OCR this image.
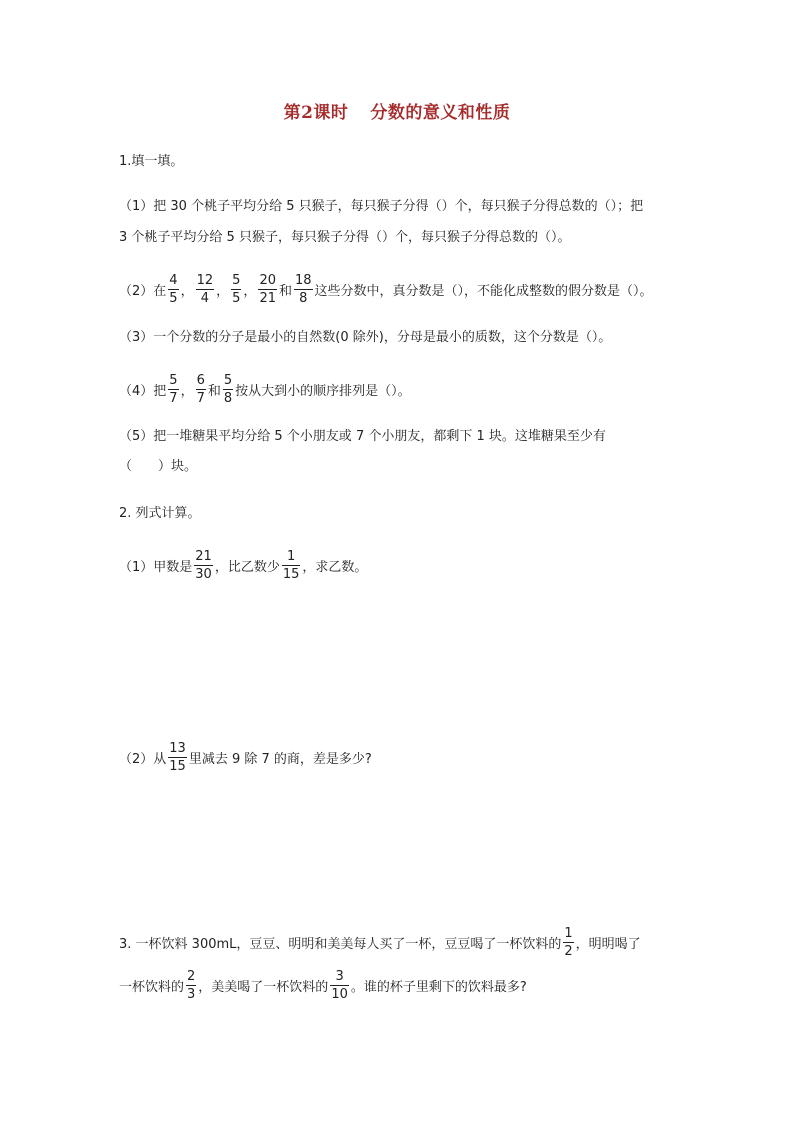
第2课时 分数的意义和性质
1.填一填。
（1）把 30 个桃子平均分给 5 只猴子，每只猴子分得（）个，每只猴子分得总数的（）；把
3 个桃子平均分给 5 只猴子，每只猴子分得（）个，每只猴子分得总数的（）。
（2）在 $\frac{4}{5}$ ， $\frac{12}{4}$ ， $\frac{5}{5}$ ， $\frac{20}{21}$ 和 $\frac{18}{8}$ 这些分数中，真分数是（），不能化成整数的假分数是（）。
（3）一个分数的分子是最小的自然数(0 除外)，分母是最小的质数，这个分数是（）。
（4）把 $\frac{5}{7}$ ， $\frac{6}{7}$ 和 $\frac{5}{8}$ 按从大到小的顺序排列是（）。
（5）把一堆糖果平均分给 5 个小朋友或 7 个小朋友，都剩下 1 块。这堆糖果至少有
（　　）块。
2. 列式计算。
（1）甲数是 $\frac{21}{30}$ ，比乙数少 $\frac{1}{15}$ ，求乙数。
（2）从 $\frac{13}{15}$ 里减去 9 除 7 的商，差是多少?
3. 一杯饮料 300mL，豆豆、明明和美美每人买了一杯，豆豆喝了一杯饮料的 $\frac{1}{2}$ ，明明喝了
一杯饮料的 $\frac{2}{3}$ ，美美喝了一杯饮料的 $\frac{3}{10}$ 。谁的杯子里剩下的饮料最多?
